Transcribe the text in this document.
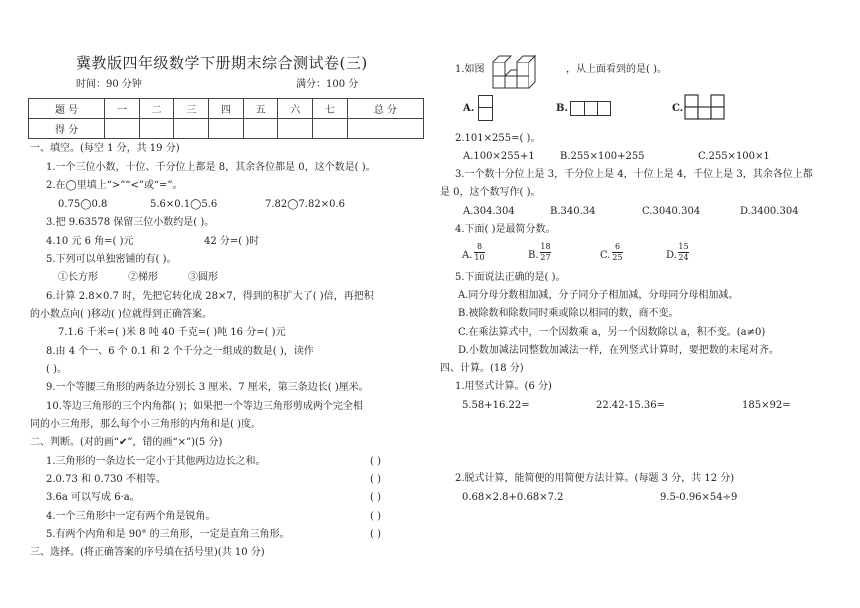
冀教版四年级数学下册期末综合测试卷(三)
时间：90 分钟	满分：100 分
题 号	一	二	三	四	五	六	七	总 分
得 分								
一、填空。(每空 1 分，共 19 分)
1.一个三位小数，十位、千分位上都是 8，其余各位都是 0，这个数是( )。
2.在◯里填上“>”“<”或“=”。
0.75◯0.8	5.6×0.1◯5.6	7.82◯7.82×0.6
3.把 9.63578 保留三位小数约是( )。
4.10 元 6 角=( )元	42 分=( )时
5.下列可以单独密铺的有( )。
①长方形	②梯形	③圆形
6.计算 2.8×0.7 时，先把它转化成 28×7，得到的积扩大了( )倍，再把积
的小数点向( )移动( )位就得到正确答案。
7.1.6 千米=( )米 8 吨 40 千克=( )吨 16 分=( )元
8.由 4 个一、6 个 0.1 和 2 个千分之一组成的数是( )，读作
( )。
9.一个等腰三角形的两条边分别长 3 厘米、7 厘米，第三条边长( )厘米。
10.等边三角形的三个内角都( )；如果把一个等边三角形剪成两个完全相
同的小三角形，那么每个小三角形的内角和是( )度。
二、判断。(对的画“✔”，错的画“×”)(5 分)
1.三角形的一条边长一定小于其他两边边长之和。	( )
2.0.73 和 0.730 不相等。	( )
3.6a 可以写成 6·a。	( )
4.一个三角形中一定有两个角是锐角。	( )
5.有两个内角和是 90° 的三角形，一定是直角三角形。	( )
三、选择。(将正确答案的序号填在括号里)(共 10 分)
1.如图	，从上面看到的是( )。
A.	B.	C.
2.101×255=( )。
A.100×255+1	B.255×100+255	C.255×100×1
3.一个数十分位上是 3，千分位上是 4，十位上是 4，千位上是 3，其余各位上都
是 0，这个数写作( )。
A.304.304	B.340.34	C.3040.304	D.3400.304
4.下面( )是最简分数。
A.
8
10	B.
18
27	C.
6
25	D.
15
24
5.下面说法正确的是( )。
A.同分母分数相加减，分子同分子相加减，分母同分母相加减。
B.被除数和除数同时乘或除以相同的数，商不变。
C.在乘法算式中，一个因数乘 a，另一个因数除以 a，积不变。(a≠0)
D.小数加减法同整数加减法一样，在列竖式计算时，要把数的末尾对齐。
四、计算。(18 分)
1.用竖式计算。(6 分)
5.58+16.22=	22.42-15.36=	185×92=
2.脱式计算，能简便的用简便方法计算。(每题 3 分，共 12 分)
0.68×2.8+0.68×7.2	9.5-0.96×54÷9
